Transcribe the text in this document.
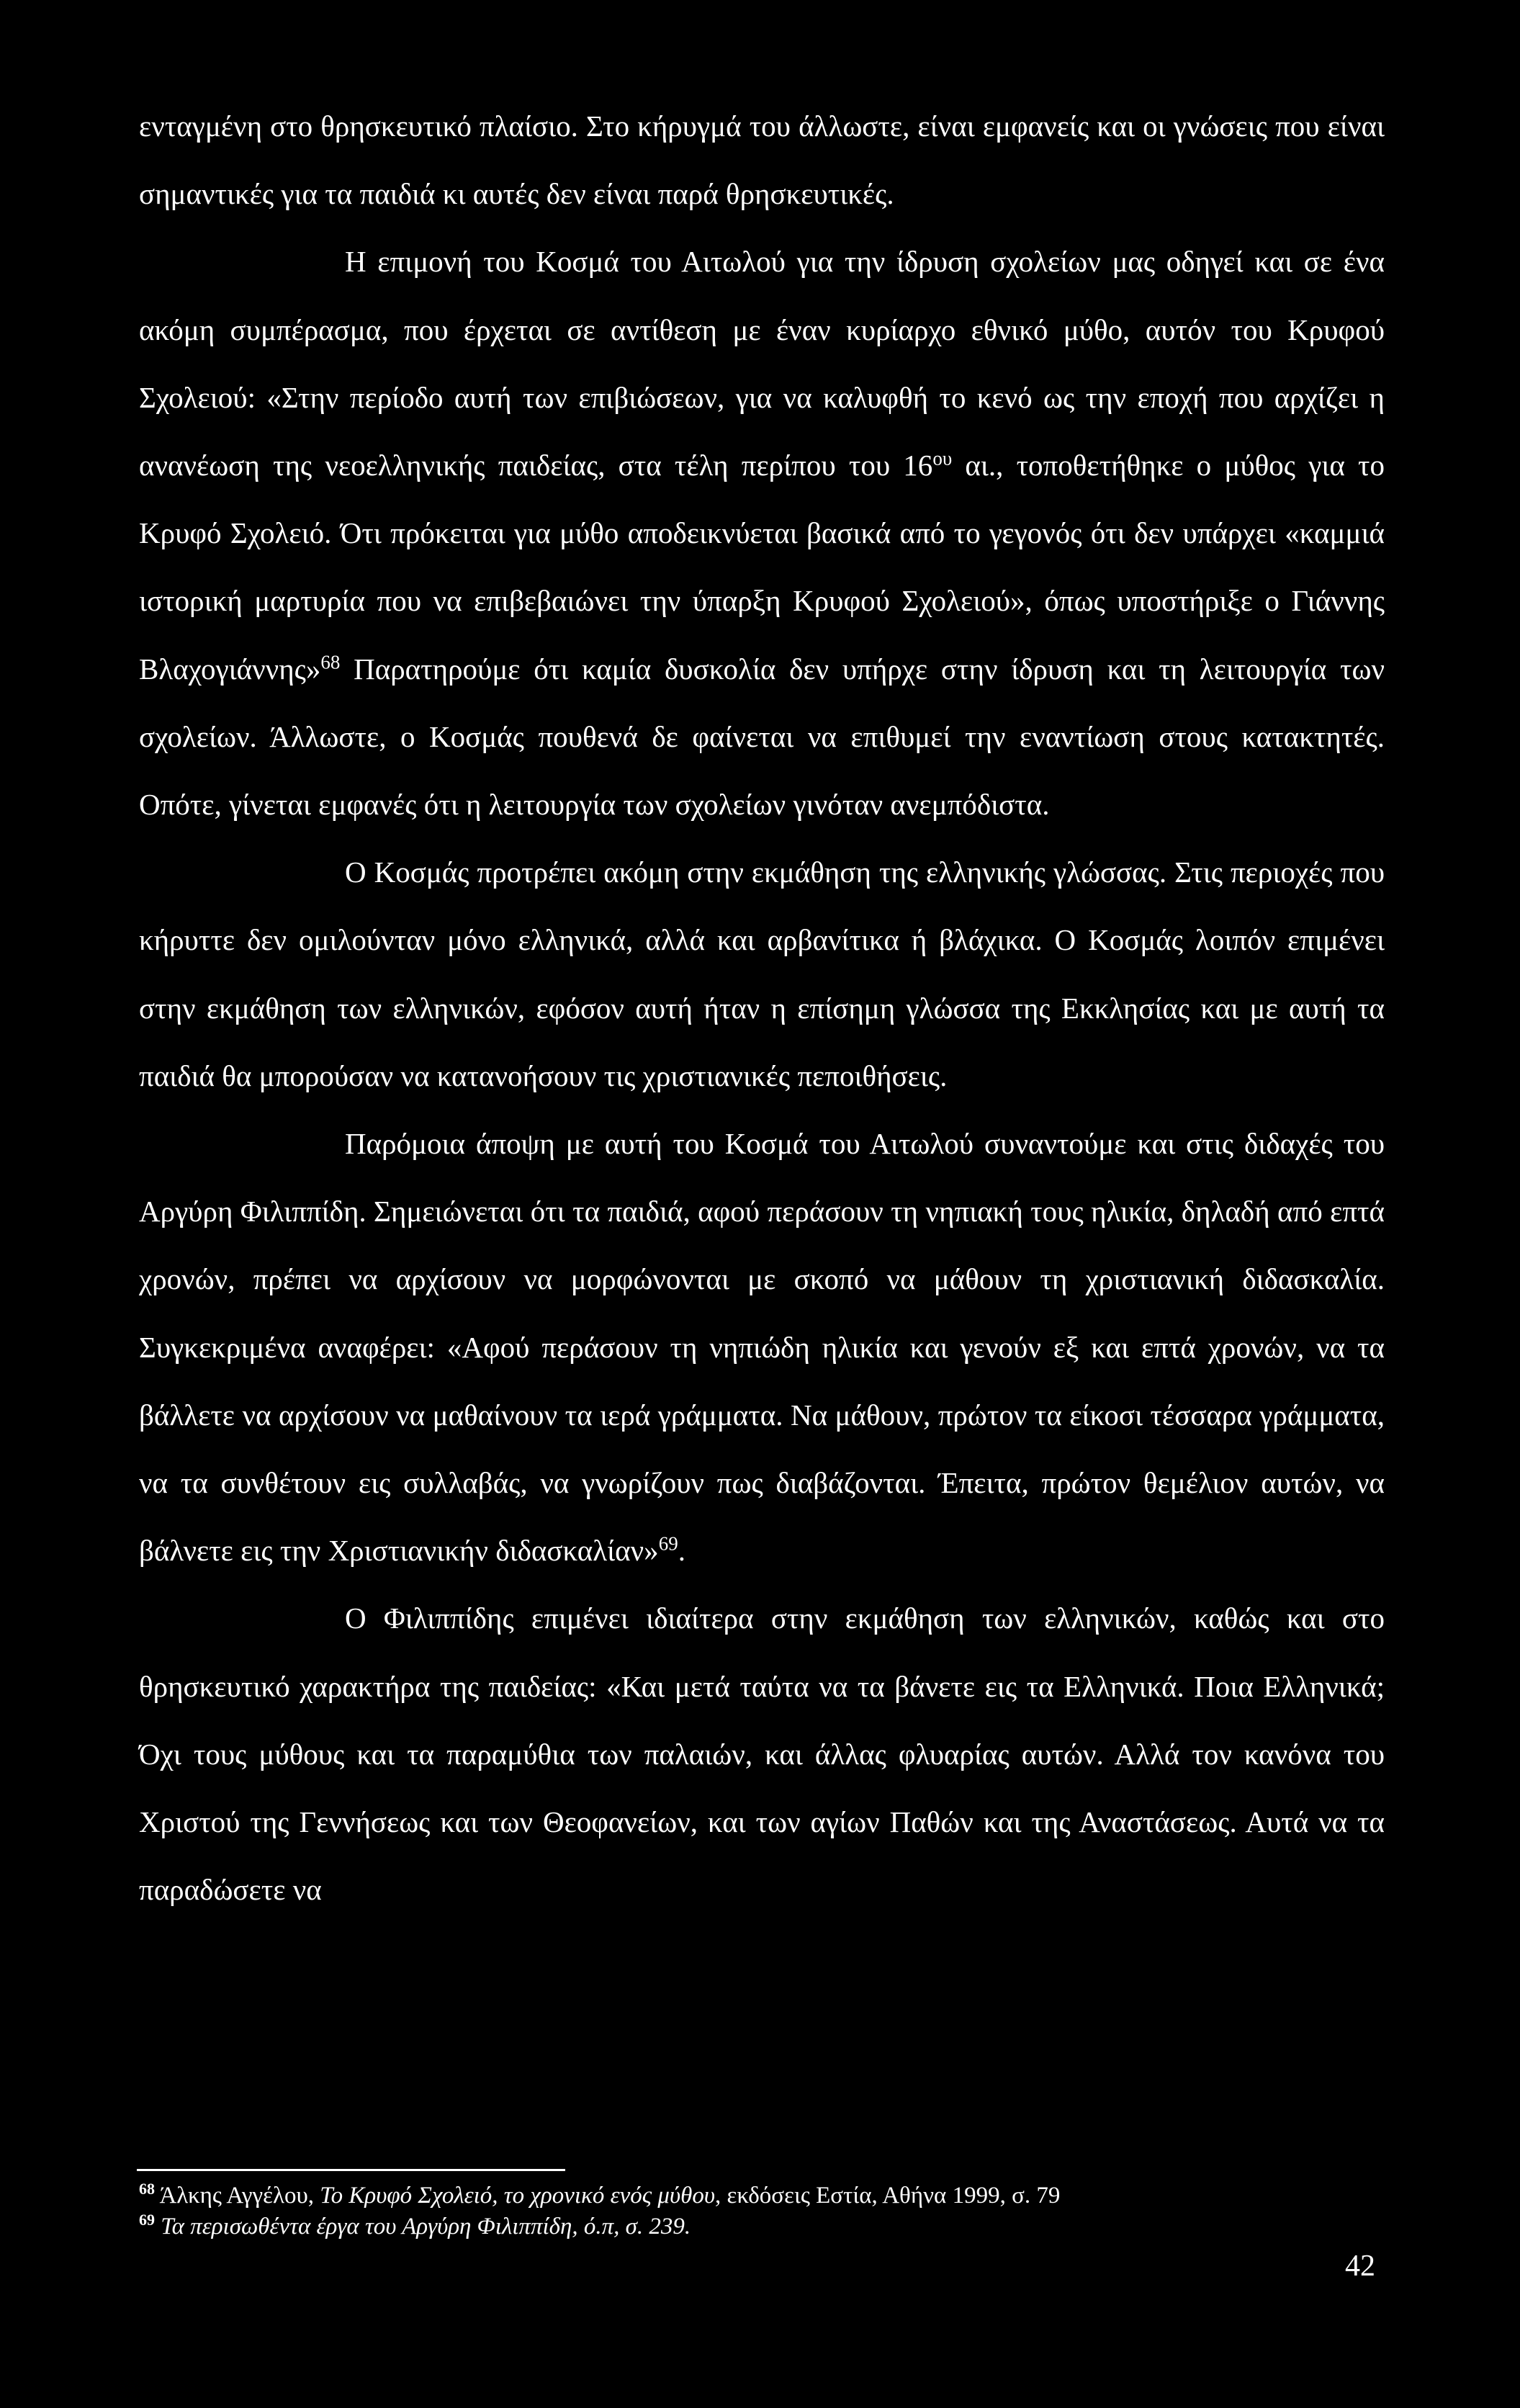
ενταγμένη στο θρησκευτικό πλαίσιο. Στο κήρυγμά του άλλωστε, είναι εμφανείς και οι γνώσεις που είναι σημαντικές για τα παιδιά κι αυτές δεν είναι παρά θρησκευτικές.

Η επιμονή του Κοσμά του Αιτωλού για την ίδρυση σχολείων μας οδηγεί και σε ένα ακόμη συμπέρασμα, που έρχεται σε αντίθεση με έναν κυρίαρχο εθνικό μύθο, αυτόν του Κρυφού Σχολειού: «Στην περίοδο αυτή των επιβιώσεων, για να καλυφθή το κενό ως την εποχή που αρχίζει η ανανέωση της νεοελληνικής παιδείας, στα τέλη περίπου του $16^{o\upsilon}$ αι., τοποθετήθηκε ο μύθος για το Κρυφό Σχολειό. Ότι πρόκειται για μύθο αποδεικνύεται βασικά από το γεγονός ότι δεν υπάρχει «καμμιά ιστορική μαρτυρία που να επιβεβαιώνει την ύπαρξη Κρυφού Σχολειού», όπως υποστήριξε ο Γιάννης Βλαχογιάννης»$^{68}$ Παρατηρούμε ότι καμία δυσκολία δεν υπήρχε στην ίδρυση και τη λειτουργία των σχολείων. Άλλωστε, ο Κοσμάς πουθενά δε φαίνεται να επιθυμεί την εναντίωση στους κατακτητές. Οπότε, γίνεται εμφανές ότι η λειτουργία των σχολείων γινόταν ανεμπόδιστα.

Ο Κοσμάς προτρέπει ακόμη στην εκμάθηση της ελληνικής γλώσσας. Στις περιοχές που κήρυττε δεν ομιλούνταν μόνο ελληνικά, αλλά και αρβανίτικα ή βλάχικα. Ο Κοσμάς λοιπόν επιμένει στην εκμάθηση των ελληνικών, εφόσον αυτή ήταν η επίσημη γλώσσα της Εκκλησίας και με αυτή τα παιδιά θα μπορούσαν να κατανοήσουν τις χριστιανικές πεποιθήσεις.

Παρόμοια άποψη με αυτή του Κοσμά του Αιτωλού συναντούμε και στις διδαχές του Αργύρη Φιλιππίδη. Σημειώνεται ότι τα παιδιά, αφού περάσουν τη νηπιακή τους ηλικία, δηλαδή από επτά χρονών, πρέπει να αρχίσουν να μορφώνονται με σκοπό να μάθουν τη χριστιανική διδασκαλία. Συγκεκριμένα αναφέρει: «Αφού περάσουν τη νηπιώδη ηλικία και γενούν εξ και επτά χρονών, να τα βάλλετε να αρχίσουν να μαθαίνουν τα ιερά γράμματα. Να μάθουν, πρώτον τα είκοσι τέσσαρα γράμματα, να τα συνθέτουν εις συλλαβάς, να γνωρίζουν πως διαβάζονται. Έπειτα, πρώτον θεμέλιον αυτών, να βάλνετε εις την Χριστιανικήν διδασκαλίαν»$^{69}$.

Ο Φιλιππίδης επιμένει ιδιαίτερα στην εκμάθηση των ελληνικών, καθώς και στο θρησκευτικό χαρακτήρα της παιδείας: «Και μετά ταύτα να τα βάνετε εις τα Ελληνικά. Ποια Ελληνικά; Όχι τους μύθους και τα παραμύθια των παλαιών, και άλλας φλυαρίας αυτών. Αλλά τον κανόνα του Χριστού της Γεννήσεως και των Θεοφανείων, και των αγίων Παθών και της Αναστάσεως. Αυτά να τα παραδώσετε να

$^{68}$ Άλκης Αγγέλου, Το Κρυφό Σχολειό, το χρονικό ενός μύθου, εκδόσεις Εστία, Αθήνα 1999, σ. 79

$^{69}$ Τα περισωθέντα έργα του Αργύρη Φιλιππίδη, ό.π, σ. 239.

42
